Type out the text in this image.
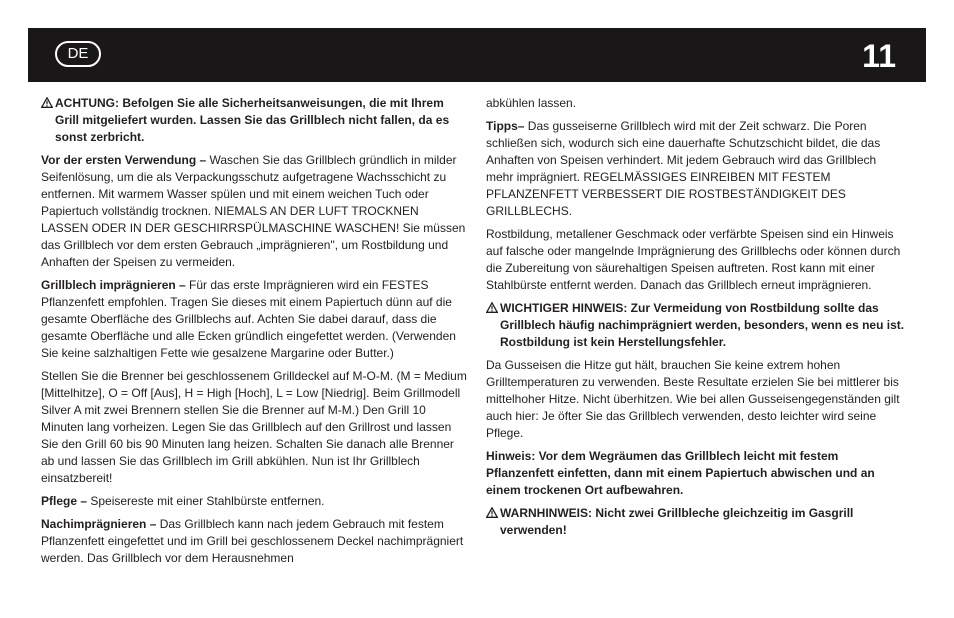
DE	11

ACHTUNG: Befolgen Sie alle Sicherheitsanweisungen, die mit Ihrem Grill mitgeliefert wurden. Lassen Sie das Grillblech nicht fallen, da es sonst zerbricht.

Vor der ersten Verwendung – Waschen Sie das Grillblech gründlich in milder Seifenlösung, um die als Verpackungsschutz aufgetragene Wachsschicht zu entfernen. Mit warmem Wasser spülen und mit einem weichen Tuch oder Papiertuch vollständig trocknen. NIEMALS AN DER LUFT TROCKNEN LASSEN ODER IN DER GESCHIRRSPÜLMASCHINE WASCHEN! Sie müssen das Grillblech vor dem ersten Gebrauch „imprägnieren", um Rostbildung und Anhaften der Speisen zu vermeiden.

Grillblech imprägnieren – Für das erste Imprägnieren wird ein FESTES Pflanzenfett empfohlen. Tragen Sie dieses mit einem Papiertuch dünn auf die gesamte Oberfläche des Grillblechs auf. Achten Sie dabei darauf, dass die gesamte Oberfläche und alle Ecken gründlich eingefettet werden. (Verwenden Sie keine salzhaltigen Fette wie gesalzene Margarine oder Butter.)

Stellen Sie die Brenner bei geschlossenem Grilldeckel auf M-O-M. (M = Medium [Mittelhitze], O = Off [Aus], H = High [Hoch], L = Low [Niedrig]. Beim Grillmodell Silver A mit zwei Brennern stellen Sie die Brenner auf M-M.) Den Grill 10 Minuten lang vorheizen. Legen Sie das Grillblech auf den Grillrost und lassen Sie den Grill 60 bis 90 Minuten lang heizen. Schalten Sie danach alle Brenner ab und lassen Sie das Grillblech im Grill abkühlen. Nun ist Ihr Grillblech einsatzbereit!

Pflege – Speisereste mit einer Stahlbürste entfernen.

Nachimprägnieren – Das Grillblech kann nach jedem Gebrauch mit festem Pflanzenfett eingefettet und im Grill bei geschlossenem Deckel nachimprägniert werden. Das Grillblech vor dem Herausnehmen

abkühlen lassen.

Tipps– Das gusseiserne Grillblech wird mit der Zeit schwarz. Die Poren schließen sich, wodurch sich eine dauerhafte Schutzschicht bildet, die das Anhaften von Speisen verhindert. Mit jedem Gebrauch wird das Grillblech mehr imprägniert. REGELMÄSSIGES EINREIBEN MIT FESTEM PFLANZENFETT VERBESSERT DIE ROSTBESTÄNDIGKEIT DES GRILLBLECHS.

Rostbildung, metallener Geschmack oder verfärbte Speisen sind ein Hinweis auf falsche oder mangelnde Imprägnierung des Grillblechs oder können durch die Zubereitung von säurehaltigen Speisen auftreten. Rost kann mit einer Stahlbürste entfernt werden. Danach das Grillblech erneut imprägnieren.

WICHTIGER HINWEIS: Zur Vermeidung von Rostbildung sollte das Grillblech häufig nachimprägniert werden, besonders, wenn es neu ist. Rostbildung ist kein Herstellungsfehler.

Da Gusseisen die Hitze gut hält, brauchen Sie keine extrem hohen Grilltemperaturen zu verwenden. Beste Resultate erzielen Sie bei mittlerer bis mittelhoher Hitze. Nicht überhitzen. Wie bei allen Gusseisengegenständen gilt auch hier: Je öfter Sie das Grillblech verwenden, desto leichter wird seine Pflege.

Hinweis: Vor dem Wegräumen das Grillblech leicht mit festem Pflanzenfett einfetten, dann mit einem Papiertuch abwischen und an einem trockenen Ort aufbewahren.

WARNHINWEIS: Nicht zwei Grillbleche gleichzeitig im Gasgrill verwenden!
